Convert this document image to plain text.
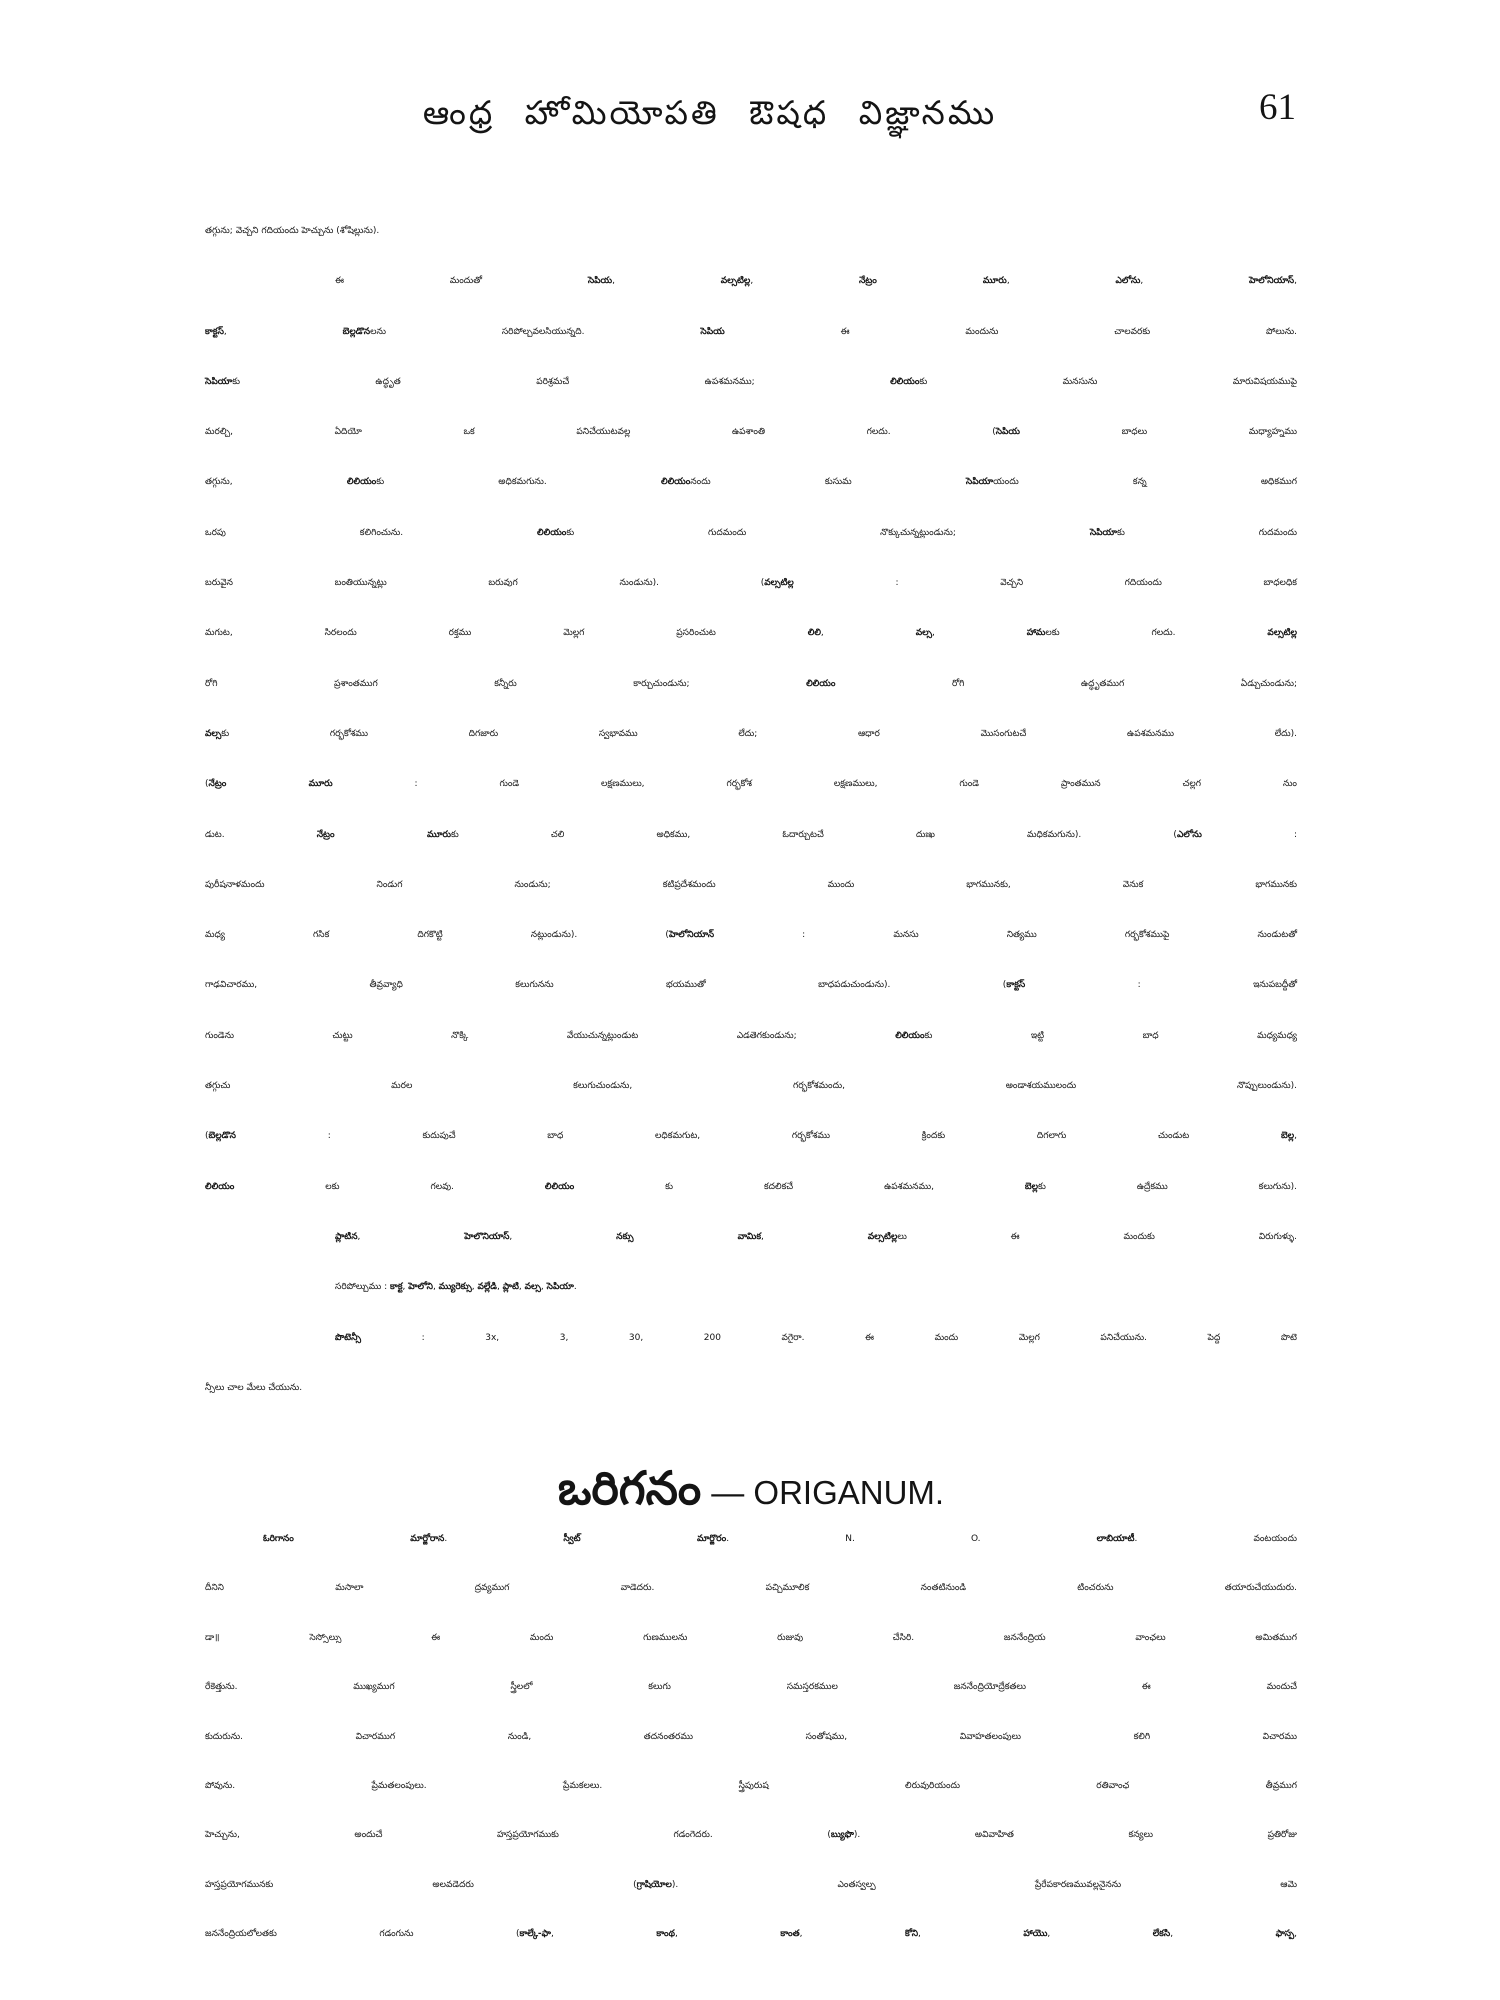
ఆంధ్ర హోమియోపతి ఔషధ విజ్ఞానము	61
తగ్గును; వెచ్చని గదియందు హెచ్చును (శోషిల్లును).
ఈ మందుతో సెపియ, వల్సటిల్ల, నేట్రం మూరు, ఎలోను, హెలోనియాస్,
కాక్టస్, బెల్లడొనలను సరిపోల్చవలసియున్నది. సెపియ ఈ మందును చాలవరకు పోలును.
సెపియాకు ఉద్ధృత పరిశ్రమచే ఉపశమనము; లిలియంకు మనసును మారువిషయముపై
మరల్చి, ఏదియో ఒక పనిచేయుటవల్ల ఉపశాంతి గలదు. (సెపియ బాధలు మధ్యాహ్నము
తగ్గును, లిలియంకు అధికమగును. లిలియంనందు కుసుమ సెపియాయందు కన్న అధికముగ
ఒరపు కలిగించును. లిలియంకు గుదమందు నొక్కుచున్నట్లుండును; సెపియాకు గుదమందు
బరువైన బంతియున్నట్లు బరువుగ నుండును). (వల్సటిల్ల : వెచ్చని గదియందు బాధలధిక
మగుట, సిరలందు రక్తము మెల్లగ ప్రసరించుట లిలి, వల్స, హామలకు గలదు. వల్సటిల్ల
రోగి ప్రశాంతముగ కన్నీరు కార్చుచుండును; లిలియం రోగి ఉద్ధృతముగ ఏడ్చుచుండును;
వల్సకు గర్భకోశము దిగజారు స్వభావము లేదు; ఆధార మొసంగుటచే ఉపశమనము లేదు).
(నేట్రం మూరు : గుండె లక్షణములు, గర్భకోశ లక్షణములు, గుండె ప్రాంతమున చల్లగ నుం
డుట. నేట్రం మూరుకు చలి అధికము, ఓదార్చుటచే దుఃఖ మధికమగును). (ఎలోను :
పురీషనాళమందు నిండుగ నుండును; కటిప్రదేశమందు ముందు భాగమునకు, వెనుక భాగమునకు
మధ్య గసిక దిగకొట్టి నట్లుండును). (హెలోనియాన్ : మనసు నిత్యము గర్భకోశముపై నుండుటతో
గాఢవిచారము, తీవ్రవ్యాధి కలుగునను భయముతో బాధపడుచుండును). (కాక్టస్ : ఇనుపబద్దీతో
గుండెను చుట్టు నొక్కి వేయుచున్నట్లుండుట ఎడతెగకుండును; లిలియంకు ఇట్టి బాధ మధ్యమధ్య
తగ్గుచు మరల కలుగుచుండును, గర్భకోశమందు, అండాశయములందు నొప్పులుండును).
(బెల్లడొన : కుదుపుచే బాధ లధికమగుట, గర్భకోశము క్రిందకు దిగలాగు చుండుట బెల్ల,
లిలియం లకు గలవు. లిలియం కు కదలికచే ఉపశమనము, బెల్లకు ఉద్రేకము కలుగును).
ప్లాటిన, హెలొనియాస్, నక్సు వామిక, వల్సటిల్లలు ఈ మందుకు విరుగుళ్ళు.
సరిపోల్చుము : కాక్ట, హెలోని, మ్యురెక్సు, వల్లేడి, ప్లాటి, వల్స, సెపియా.
పొటెన్సీ : 3x, 3, 30, 200 వగైరా. ఈ మందు మెల్లగ పనిచేయును. పెద్ద పొటె
న్సీలు చాల మేలు చేయును.
ఒరిగనం — ORIGANUM.
ఓరిగానం మార్జోరాన. స్వీట్ మార్జొరం. N. O. లాబియాటీ. వంటయందు
దీనిని మసాలా ద్రవ్యముగ వాడెదరు. పచ్చిమూలిక నంతటినుండి టించరును తయారుచేయుదురు.
డా॥ సెస్సోల్సు ఈ మందు గుణములను రుజువు చేసిరి. జననేంద్రియ వాంఛలు అమితముగ
రేకెత్తును. ముఖ్యముగ స్త్రీలలో కలుగు సమస్తరకముల జననేంద్రియోద్రేకతలు ఈ మందుచే
కుదురును. విచారముగ నుండి, తదనంతరము సంతోషము, వివాహతలంపులు కలిగి విచారము
పోవును. ప్రేమతలంపులు. ప్రేమకలలు. స్త్రీపురుష లిరువురియందు రతివాంఛ తీవ్రముగ
హెచ్చును, అందుచే హస్తప్రయోగముకు గడంగెదరు. (బ్యుఫొ). అవివాహిత కన్యలు ప్రతిరోజు
హస్తప్రయోగమునకు అలవడెదరు (గ్రాషియోల). ఎంతస్వల్ప ప్రేరేపకారణమువల్లనైనను ఆమె
జననేంద్రియలోలతకు గడంగును (కాల్కే-ఫా, కాంథ, కాంత, కోని, హాయొ, లేకసి, ఫాస్ప,
